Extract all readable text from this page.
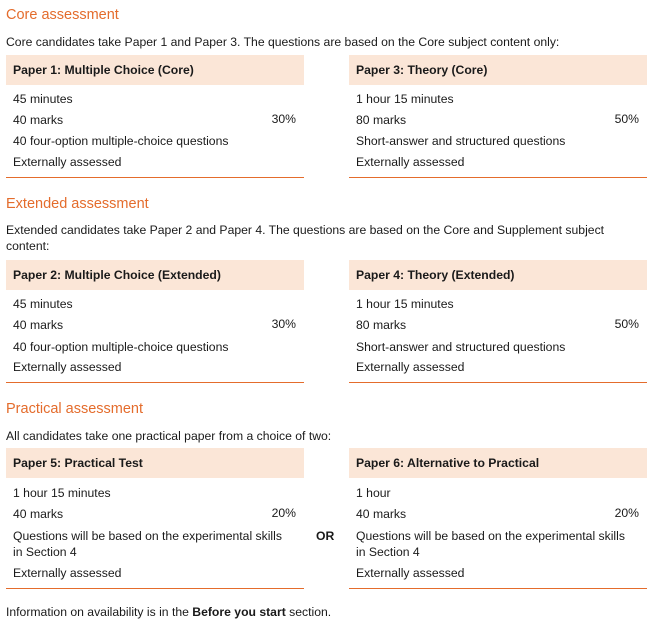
Core assessment
Core candidates take Paper 1 and Paper 3. The questions are based on the Core subject content only:
Paper 1: Multiple Choice (Core)
45 minutes
40 marks	30%
40 four-option multiple-choice questions
Externally assessed
Paper 3: Theory (Core)
1 hour 15 minutes
80 marks	50%
Short-answer and structured questions
Externally assessed
Extended assessment
Extended candidates take Paper 2 and Paper 4. The questions are based on the Core and Supplement subject content:
Paper 2: Multiple Choice (Extended)
45 minutes
40 marks	30%
40 four-option multiple-choice questions
Externally assessed
Paper 4: Theory (Extended)
1 hour 15 minutes
80 marks	50%
Short-answer and structured questions
Externally assessed
Practical assessment
All candidates take one practical paper from a choice of two:
Paper 5: Practical Test
1 hour 15 minutes
40 marks	20%
Questions will be based on the experimental skills
in Section 4
Externally assessed
OR
Paper 6: Alternative to Practical
1 hour
40 marks	20%
Questions will be based on the experimental skills
in Section 4
Externally assessed
Information on availability is in the Before you start section.
